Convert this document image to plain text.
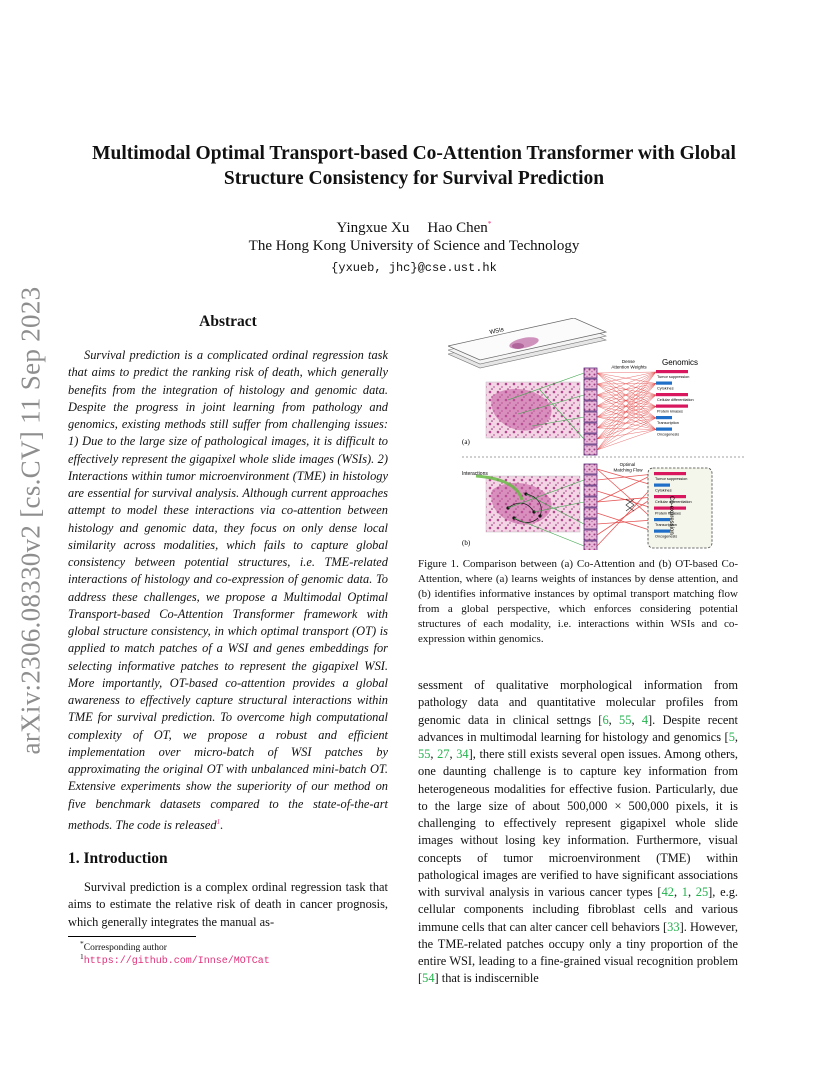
Multimodal Optimal Transport-based Co-Attention Transformer with Global Structure Consistency for Survival Prediction
Yingxue Xu Hao Chen*
The Hong Kong University of Science and Technology
{yxueb, jhc}@cse.ust.hk
arXiv:2306.08330v2 [cs.CV] 11 Sep 2023	Abstract
Survival prediction is a complicated ordinal regression task that aims to predict the ranking risk of death, which generally benefits from the integration of histology and genomic data. Despite the progress in joint learning from pathology and genomics, existing methods still suffer from challenging issues: 1) Due to the large size of pathological images, it is difficult to effectively represent the gigapixel whole slide images (WSIs). 2) Interactions within tumor microenvironment (TME) in histology are essential for survival analysis. Although current approaches attempt to model these interactions via co-attention between histology and genomic data, they focus on only dense local similarity across modalities, which fails to capture global consistency between potential structures, i.e. TME-related interactions of histology and co-expression of genomic data. To address these challenges, we propose a Multimodal Optimal Transport-based Co-Attention Transformer framework with global structure consistency, in which optimal transport (OT) is applied to match patches of a WSI and genes embeddings for selecting informative patches to represent the gigapixel WSI. More importantly, OT-based co-attention provides a global awareness to effectively capture structural interactions within TME for survival prediction. To overcome high computational complexity of OT, we propose a robust and efficient implementation over micro-batch of WSI patches by approximating the original OT with unbalanced mini-batch OT. Extensive experiments show the superiority of our method on five benchmark datasets compared to the state-of-the-art methods. The code is released$^1$.
1. Introduction
Survival prediction is a complex ordinal regression task that aims to estimate the relative risk of death in cancer prognosis, which generally integrates the manual as-
*Corresponding author
$^1$https://github.com/Innse/MOTCat
WSIs
Tumor suppression
Cytokines
Cellular differentiation
Protein kinases
Transcription
Oncogenesis
Dense Attention Weights Genomics
(a)
Tumor suppression
Cytokines
Cellular differentiation
Protein kinases
Transcription
Oncogenesis
Interactions
Optimal Matching Flow
Co-expression
(b)
Figure 1. Comparison between (a) Co-Attention and (b) OT-based Co-Attention, where (a) learns weights of instances by dense attention, and (b) identifies informative instances by optimal transport matching flow from a global perspective, which enforces considering potential structures of each modality, i.e. interactions within WSIs and co-expression within genomics.
sessment of qualitative morphological information from pathology data and quantitative molecular profiles from genomic data in clinical settngs [6, 55, 4]. Despite recent advances in multimodal learning for histology and genomics [5, 55, 27, 34], there still exists several open issues. Among others, one daunting challenge is to capture key information from heterogeneous modalities for effective fusion. Particularly, due to the large size of about 500,000 × 500,000 pixels, it is challenging to effectively represent gigapixel whole slide images without losing key information. Furthermore, visual concepts of tumor microenvironment (TME) within pathological images are verified to have significant associations with survival analysis in various cancer types [42, 1, 25], e.g. cellular components including fibroblast cells and various immune cells that can alter cancer cell behaviors [33]. However, the TME-related patches occupy only a tiny proportion of the entire WSI, leading to a fine-grained visual recognition problem [54] that is indiscernible
